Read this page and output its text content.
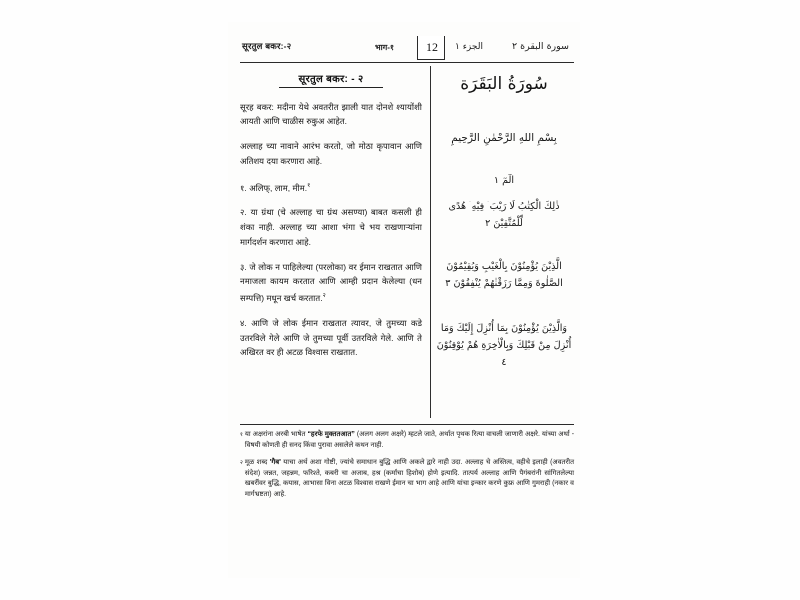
सूरतुल बकर:-२	भाग-१	12	الجزء ١	سورة البقرة ٢
सूरतुल बकर: - २

सूरह बकर: मदीना येथे अवतरीत झाली यात दोनशे श्यायाेंशी आयती आणि चाळीस रुकुअ आहेत.

अल्लाह च्या नावाने आरंभ करतो, जो मोठा कृपावान आणि अतिशय दया करणारा आहे.

१. अलिफ्, लाम, मीम.$^१$

२. या ग्रंथा (चे अल्लाह चा ग्रंथ असण्या) बाबत कसली ही शंका नाही. अल्लाह च्या आशा भंगा चे भय राखणाऱ्यांना मार्गदर्शन करणारा आहे.

३. जे लोक न पाहिलेल्या (परलोका) वर ईमान राखतात आणि नमाजला कायम करतात आणि आम्ही प्रदान केलेल्या (धन सम्पत्ति) मधून खर्च करतात.$^२$

४. आणि जे लोक ईमान राखतात त्यावर, जे तुमच्या कडे उतरविले गेले आणि जे तुमच्या पूर्वी उतरविले गेले. आणि ते अखिरत वर ही अटळ विश्वास राखतात.

سُورَةُ البَقَرَة
بِسْمِ اللهِ الرَّحْمٰنِ الرَّحِيمِ
الٓمٓ ١
ذٰلِكَ الْكِتٰبُ لَا رَيْبَ ۛ فِيْهِ ۛ هُدًى لِّلْمُتَّقِيْنَ ٢
الَّذِيْنَ يُؤْمِنُوْنَ بِالْغَيْبِ وَيُقِيْمُوْنَ الصَّلٰوةَ وَمِمَّا رَزَقْنٰهُمْ يُنْفِقُوْنَ ٣
وَالَّذِيْنَ يُؤْمِنُوْنَ بِمَا أُنْزِلَ إِلَيْكَ وَمَا أُنْزِلَ مِنْ قَبْلِكَ وَبِالْاٰخِرَةِ هُمْ يُوْقِنُوْنَ ٤
१ या अक्षरांना अरबी भाषेत “हरफे मुक्ततआत” (अलग अलग अक्षरे) म्हटले जाते, अर्थात पृथक रित्या वाचली जाणारी अक्षरे. यांच्या अर्था - विषयी कोणती ही सनद किंवा पुरावा असलेले कथन नाही.
२ मूळ शब्द 'गैब' याचा अर्थ अशा गोष्टी, ज्यांचे समाधान बुद्धि आणि अकले द्वारे नाही उदा. अल्लाह चे अस्तित्व, वहीचे इलाही (अवतरीत संदेश) जन्नत, जहन्नम, फरिश्ते, कबरी चा अजाब, हश्र (कर्मांचा हिशोब) होणे इत्यादि. तात्पर्य अल्लाह आणि पैगंबरांनी सांगितलेल्या खबरींवर बुद्धि, कयास, आभासा विना अटळ विश्वास राखणे ईमान चा भाग आहे आणि यांचा इन्कार करणे कुफ्र आणि गुमराही (नकार व मार्गभ्रष्टता) आहे.
